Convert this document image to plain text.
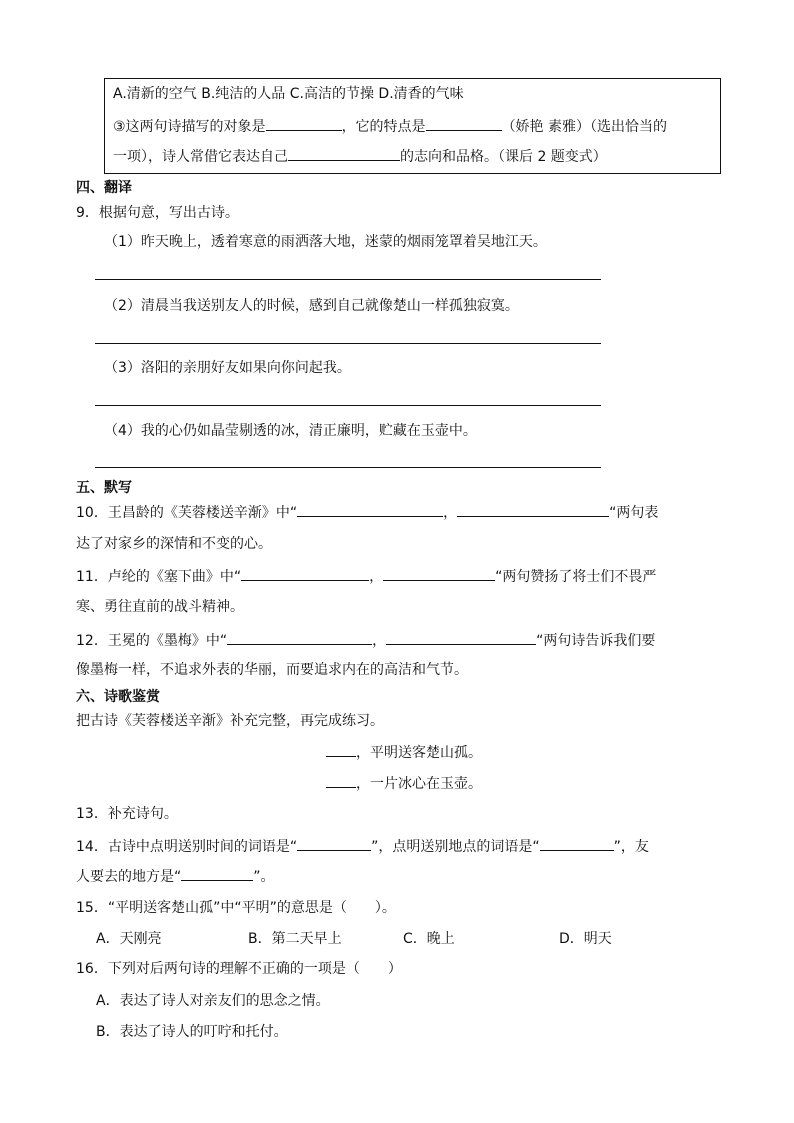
A.清新的空气 B.纯洁的人品 C.高洁的节操 D.清香的气味
③这两句诗描写的对象是	，它的特点是	（娇艳 素雅）（选出恰当的
一项），诗人常借它表达自己	的志向和品格。（课后 2 题变式）
四、翻译
9．根据句意，写出古诗。
（1）昨天晚上，透着寒意的雨洒落大地，迷蒙的烟雨笼罩着吴地江天。
（2）清晨当我送别友人的时候，感到自己就像楚山一样孤独寂寞。
（3）洛阳的亲朋好友如果向你问起我。
（4）我的心仍如晶莹剔透的冰，清正廉明，贮藏在玉壶中。
五、默写
10．王昌龄的《芙蓉楼送辛渐》中“	，	“两句表
达了对家乡的深情和不变的心。
11．卢纶的《塞下曲》中“	，	“两句赞扬了将士们不畏严
寒、勇往直前的战斗精神。
12．王冕的《墨梅》中“	，	“两句诗告诉我们要
像墨梅一样，不追求外表的华丽，而要追求内在的高洁和气节。
六、诗歌鉴赏
把古诗《芙蓉楼送辛渐》补充完整，再完成练习。
，平明送客楚山孤。
，一片冰心在玉壶。
13．补充诗句。
14．古诗中点明送别时间的词语是“	”，点明送别地点的词语是“	”，友
人要去的地方是“	”。
15．“平明送客楚山孤”中“平明”的意思是（　　）。
A．天刚亮	B．第二天早上	C．晚上	D．明天
16．下列对后两句诗的理解不正确的一项是（　　）
A．表达了诗人对亲友们的思念之情。
B．表达了诗人的叮咛和托付。
